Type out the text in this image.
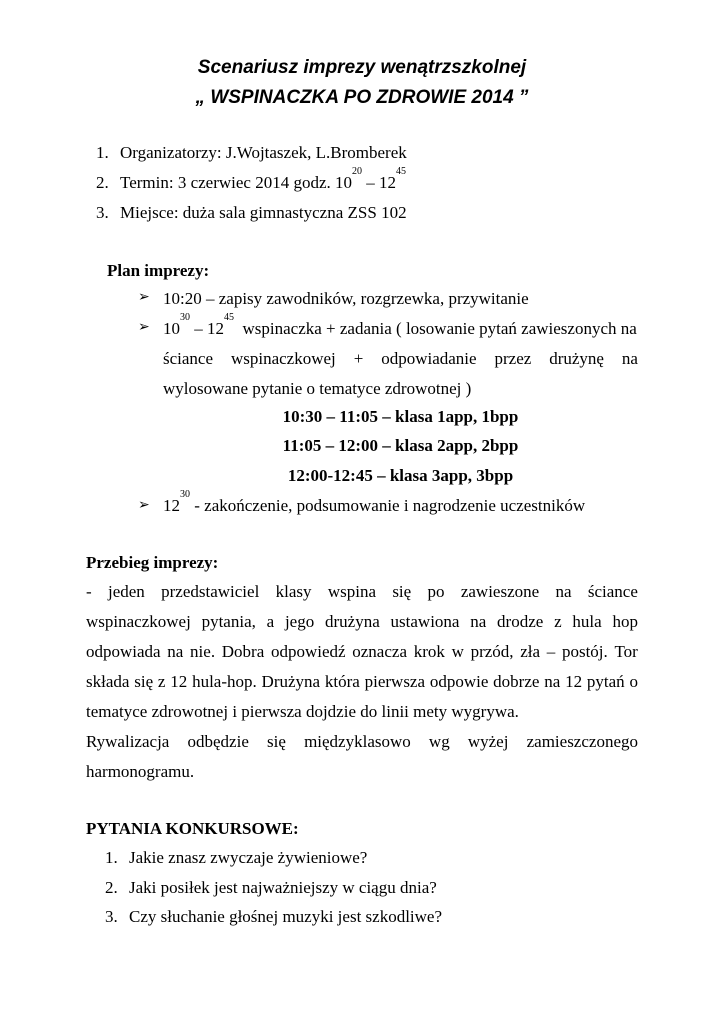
Scenariusz imprezy wenątrzszkolnej
„ WSPINACZKA PO ZDROWIE 2014 ”
1. Organizatorzy: J.Wojtaszek, L.Bromberek
2. Termin: 3 czerwiec 2014 godz. $10^{20} - 12^{45}$
3. Miejsce: duża sala gimnastyczna ZSS 102
Plan imprezy:
➢ 10:20 – zapisy zawodników, rozgrzewka, przywitanie
➢ $10^{30} - 12^{45}$  wspinaczka + zadania ( losowanie pytań zawieszonych na
ściance wspinaczkowej + odpowiadanie przez drużynę na
wylosowane pytanie o tematyce zdrowotnej )
10:30 – 11:05 – klasa 1app, 1bpp
11:05 – 12:00 – klasa 2app, 2bpp
12:00-12:45 – klasa 3app, 3bpp
➢ $12^{30}$ - zakończenie, podsumowanie i nagrodzenie uczestników
Przebieg imprezy:
- jeden przedstawiciel klasy wspina się po zawieszone na ściance
wspinaczkowej pytania, a jego drużyna ustawiona na drodze z hula hop
odpowiada na nie. Dobra odpowiedź oznacza krok w przód, zła – postój. Tor
składa się z 12 hula-hop. Drużyna która pierwsza odpowie dobrze na 12 pytań o
tematyce zdrowotnej i pierwsza dojdzie do linii mety wygrywa.
Rywalizacja odbędzie się międzyklasowo wg wyżej zamieszczonego
harmonogramu.
PYTANIA KONKURSOWE:
1. Jakie znasz zwyczaje żywieniowe?
2. Jaki posiłek jest najważniejszy w ciągu dnia?
3. Czy słuchanie głośnej muzyki jest szkodliwe?
